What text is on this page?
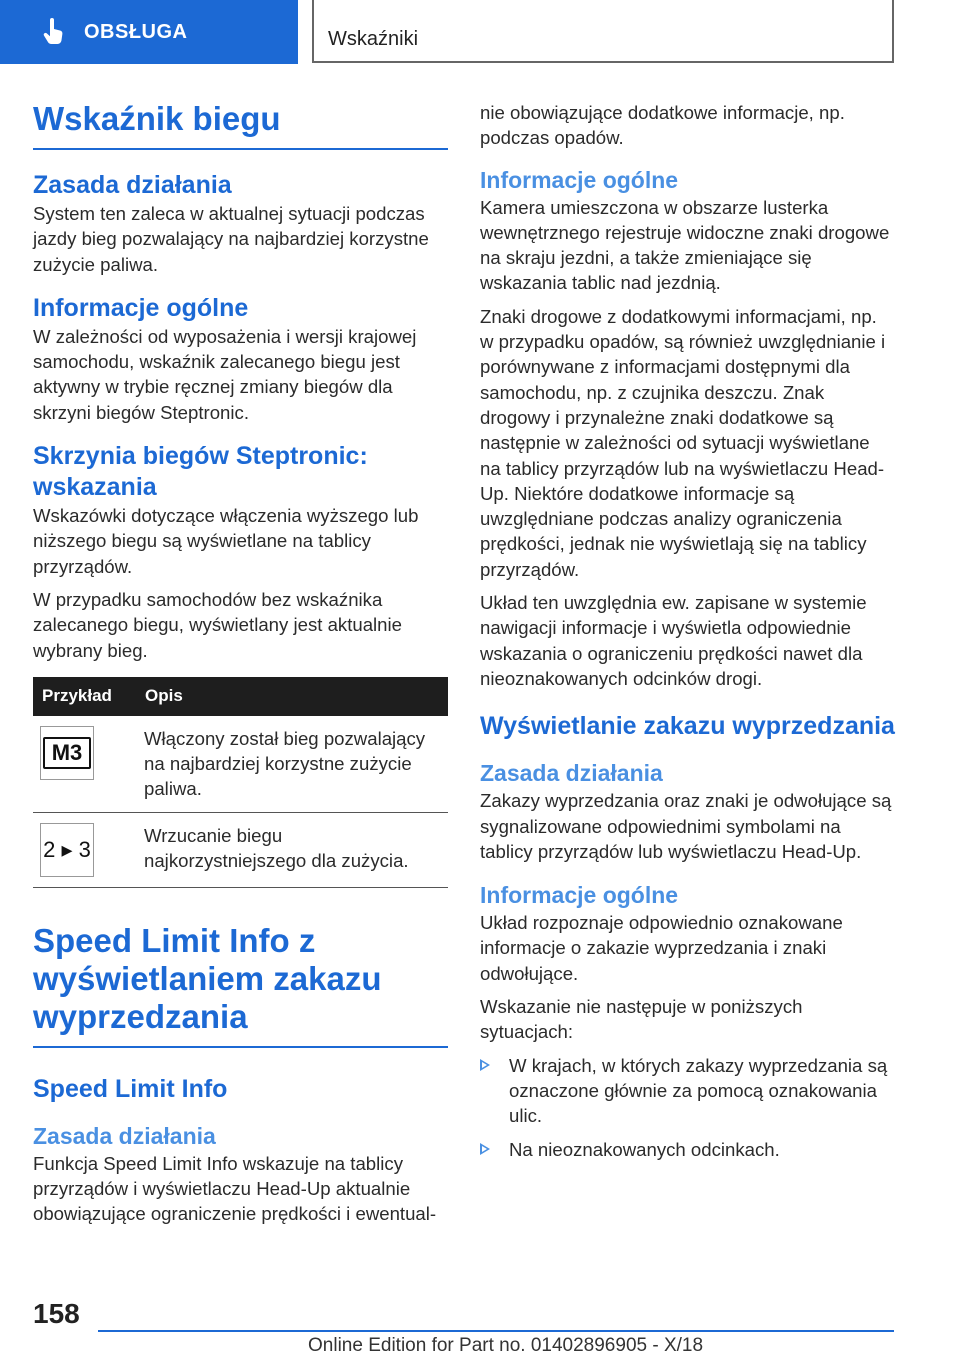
OBSŁUGA	Wskaźniki
Wskaźnik biegu
Zasada działania

System ten zaleca w aktualnej sytuacji podczas jazdy bieg pozwalający na najbardziej korzystne zużycie paliwa.

Informacje ogólne

W zależności od wyposażenia i wersji krajowej samochodu, wskaźnik zalecanego biegu jest aktywny w trybie ręcznej zmiany biegów dla skrzyni biegów Steptronic.

Skrzynia biegów Steptronic: wskazania

Wskazówki dotyczące włączenia wyższego lub niższego biegu są wyświetlane na tablicy przyrządów.

W przypadku samochodów bez wskaźnika zalecanego biegu, wyświetlany jest aktualnie wybrany bieg.

Przykład	Opis

M3	Włączony został bieg pozwalający na najbardziej korzystne zużycie paliwa.

2 ▸ 3	Wrzucanie biegu najkorzystniejszego dla zużycia.
Speed Limit Info z wyświetlaniem zakazu wyprzedzania
Speed Limit Info
Zasada działania

Funkcja Speed Limit Info wskazuje na tablicy przyrządów i wyświetlaczu Head-Up aktualnie obowiązujące ograniczenie prędkości i ewentual-

nie obowiązujące dodatkowe informacje, np. podczas opadów.

Informacje ogólne

Kamera umieszczona w obszarze lusterka wewnętrznego rejestruje widoczne znaki drogowe na skraju jezdni, a także zmieniające się wskazania tablic nad jezdnią.

Znaki drogowe z dodatkowymi informacjami, np. w przypadku opadów, są również uwzględnianie i porównywane z informacjami dostępnymi dla samochodu, np. z czujnika deszczu. Znak drogowy i przynależne znaki dodatkowe są następnie w zależności od sytuacji wyświetlane na tablicy przyrządów lub na wyświetlaczu Head-Up. Niektóre dodatkowe informacje są uwzględniane podczas analizy ograniczenia prędkości, jednak nie wyświetlają się na tablicy przyrządów.

Układ ten uwzględnia ew. zapisane w systemie nawigacji informacje i wyświetla odpowiednie wskazania o ograniczeniu prędkości nawet dla nieoznakowanych odcinków drogi.

Wyświetlanie zakazu wyprzedzania
Zasada działania

Zakazy wyprzedzania oraz znaki je odwołujące są sygnalizowane odpowiednimi symbolami na tablicy przyrządów lub wyświetlaczu Head-Up.

Informacje ogólne

Układ rozpoznaje odpowiednio oznakowane informacje o zakazie wyprzedzania i znaki odwołujące.

Wskazanie nie następuje w poniższych sytuacjach:

W krajach, w których zakazy wyprzedzania są oznaczone głównie za pomocą oznakowania ulic.
Na nieoznakowanych odcinkach.
158
Online Edition for Part no. 01402896905 - X/18
